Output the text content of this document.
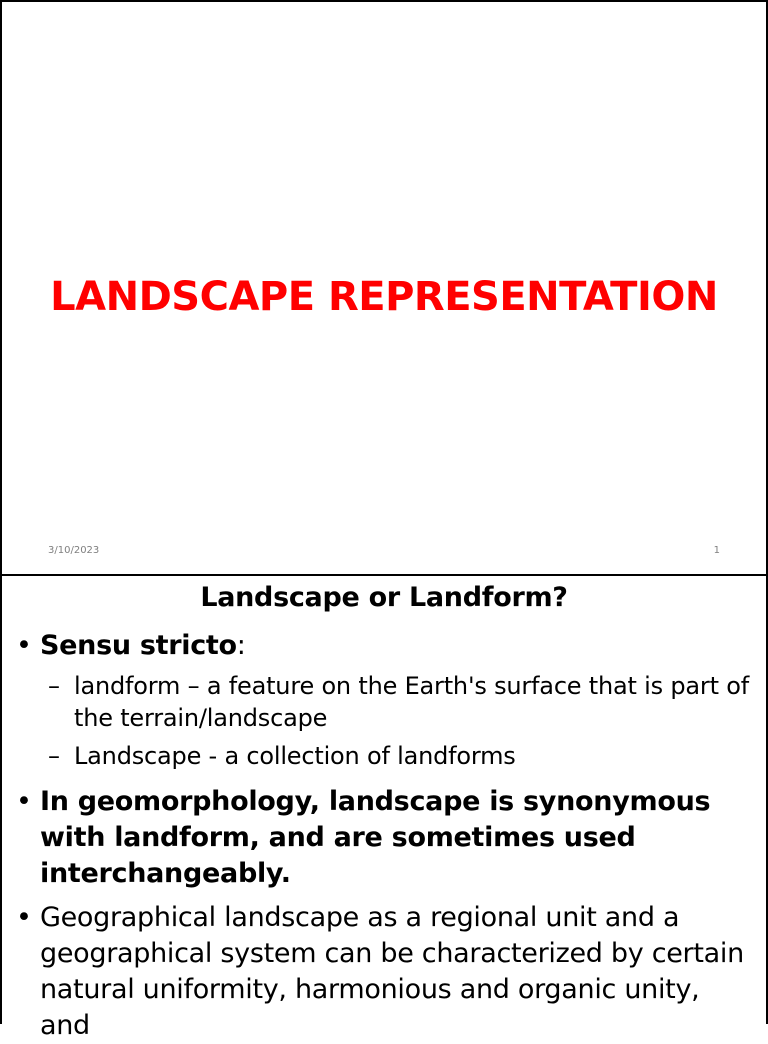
LANDSCAPE REPRESENTATION
3/10/2023	1
Landscape or Landform?
• Sensu stricto:
– landform – a feature on the Earth's surface that is part of the terrain/landscape
– Landscape - a collection of landforms
• In geomorphology, landscape is synonymous with landform, and are sometimes used interchangeably.
• Geographical landscape as a regional unit and a geographical system can be characterized by certain natural uniformity, harmonious and organic unity, and
